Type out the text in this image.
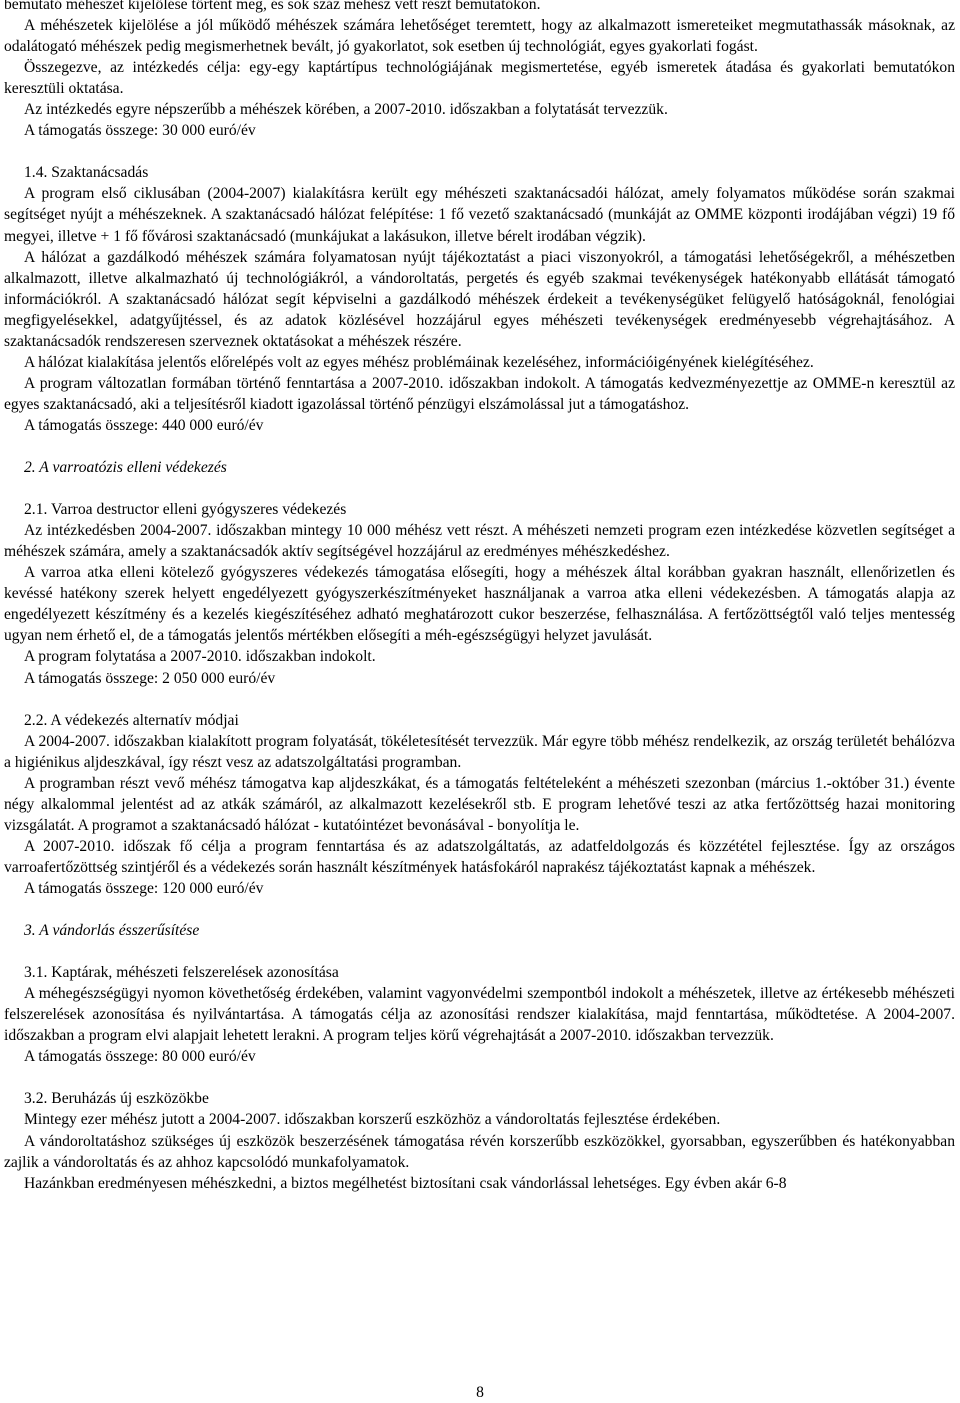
bemutató méhészet kijelölése történt meg, és sok száz méhész vett részt bemutatókon.

A méhészetek kijelölése a jól működő méhészek számára lehetőséget teremtett, hogy az alkalmazott ismereteiket megmutathassák másoknak, az odalátogató méhészek pedig megismerhetnek bevált, jó gyakorlatot, sok esetben új technológiát, egyes gyakorlati fogást.

Összegezve, az intézkedés célja: egy-egy kaptártípus technológiájának megismertetése, egyéb ismeretek átadása és gyakorlati bemutatókon keresztüli oktatása.

Az intézkedés egyre népszerűbb a méhészek körében, a 2007-2010. időszakban a folytatását tervezzük.

A támogatás összege: 30 000 euró/év

1.4. Szaktanácsadás

A program első ciklusában (2004-2007) kialakításra került egy méhészeti szaktanácsadói hálózat, amely folyamatos működése során szakmai segítséget nyújt a méhészeknek. A szaktanácsadó hálózat felépítése: 1 fő vezető szaktanácsadó (munkáját az OMME központi irodájában végzi) 19 fő megyei, illetve + 1 fő fővárosi szaktanácsadó (munkájukat a lakásukon, illetve bérelt irodában végzik).

A hálózat a gazdálkodó méhészek számára folyamatosan nyújt tájékoztatást a piaci viszonyokról, a támogatási lehetőségekről, a méhészetben alkalmazott, illetve alkalmazható új technológiákról, a vándoroltatás, pergetés és egyéb szakmai tevékenységek hatékonyabb ellátását támogató információkról. A szaktanácsadó hálózat segít képviselni a gazdálkodó méhészek érdekeit a tevékenységüket felügyelő hatóságoknál, fenológiai megfigyelésekkel, adatgyűjtéssel, és az adatok közlésével hozzájárul egyes méhészeti tevékenységek eredményesebb végrehajtásához. A szaktanácsadók rendszeresen szerveznek oktatásokat a méhészek részére.

A hálózat kialakítása jelentős előrelépés volt az egyes méhész problémáinak kezeléséhez, információigényének kielégítéséhez.

A program változatlan formában történő fenntartása a 2007-2010. időszakban indokolt. A támogatás kedvezményezettje az OMME-n keresztül az egyes szaktanácsadó, aki a teljesítésről kiadott igazolással történő pénzügyi elszámolással jut a támogatáshoz.

A támogatás összege: 440 000 euró/év

2. A varroatózis elleni védekezés

2.1. Varroa destructor elleni gyógyszeres védekezés

Az intézkedésben 2004-2007. időszakban mintegy 10 000 méhész vett részt. A méhészeti nemzeti program ezen intézkedése közvetlen segítséget a méhészek számára, amely a szaktanácsadók aktív segítségével hozzájárul az eredményes méhészkedéshez.

A varroa atka elleni kötelező gyógyszeres védekezés támogatása elősegíti, hogy a méhészek által korábban gyakran használt, ellenőrizetlen és kevéssé hatékony szerek helyett engedélyezett gyógyszerkészítményeket használjanak a varroa atka elleni védekezésben. A támogatás alapja az engedélyezett készítmény és a kezelés kiegészítéséhez adható meghatározott cukor beszerzése, felhasználása. A fertőzöttségtől való teljes mentesség ugyan nem érhető el, de a támogatás jelentős mértékben elősegíti a méh-egészségügyi helyzet javulását.

A program folytatása a 2007-2010. időszakban indokolt.

A támogatás összege: 2 050 000 euró/év

2.2. A védekezés alternatív módjai

A 2004-2007. időszakban kialakított program folyatását, tökéletesítését tervezzük. Már egyre több méhész rendelkezik, az ország területét behálózva a higiénikus aljdeszkával, így részt vesz az adatszolgáltatási programban.

A programban részt vevő méhész támogatva kap aljdeszkákat, és a támogatás feltételeként a méhészeti szezonban (március 1.-október 31.) évente négy alkalommal jelentést ad az atkák számáról, az alkalmazott kezelésekről stb. E program lehetővé teszi az atka fertőzöttség hazai monitoring vizsgálatát. A programot a szaktanácsadó hálózat - kutatóintézet bevonásával - bonyolítja le.

A 2007-2010. időszak fő célja a program fenntartása és az adatszolgáltatás, az adatfeldolgozás és közzététel fejlesztése. Így az országos varroafertőzöttség szintjéről és a védekezés során használt készítmények hatásfokáról naprakész tájékoztatást kapnak a méhészek.

A támogatás összege: 120 000 euró/év

3. A vándorlás ésszerűsítése

3.1. Kaptárak, méhészeti felszerelések azonosítása

A méhegészségügyi nyomon követhetőség érdekében, valamint vagyonvédelmi szempontból indokolt a méhészetek, illetve az értékesebb méhészeti felszerelések azonosítása és nyilvántartása. A támogatás célja az azonosítási rendszer kialakítása, majd fenntartása, működtetése. A 2004-2007. időszakban a program elvi alapjait lehetett lerakni. A program teljes körű végrehajtását a 2007-2010. időszakban tervezzük.

A támogatás összege: 80 000 euró/év

3.2. Beruházás új eszközökbe

Mintegy ezer méhész jutott a 2004-2007. időszakban korszerű eszközhöz a vándoroltatás fejlesztése érdekében.

A vándoroltatáshoz szükséges új eszközök beszerzésének támogatása révén korszerűbb eszközökkel, gyorsabban, egyszerűbben és hatékonyabban zajlik a vándoroltatás és az ahhoz kapcsolódó munkafolyamatok.

Hazánkban eredményesen méhészkedni, a biztos megélhetést biztosítani csak vándorlással lehetséges. Egy évben akár 6-8

8
